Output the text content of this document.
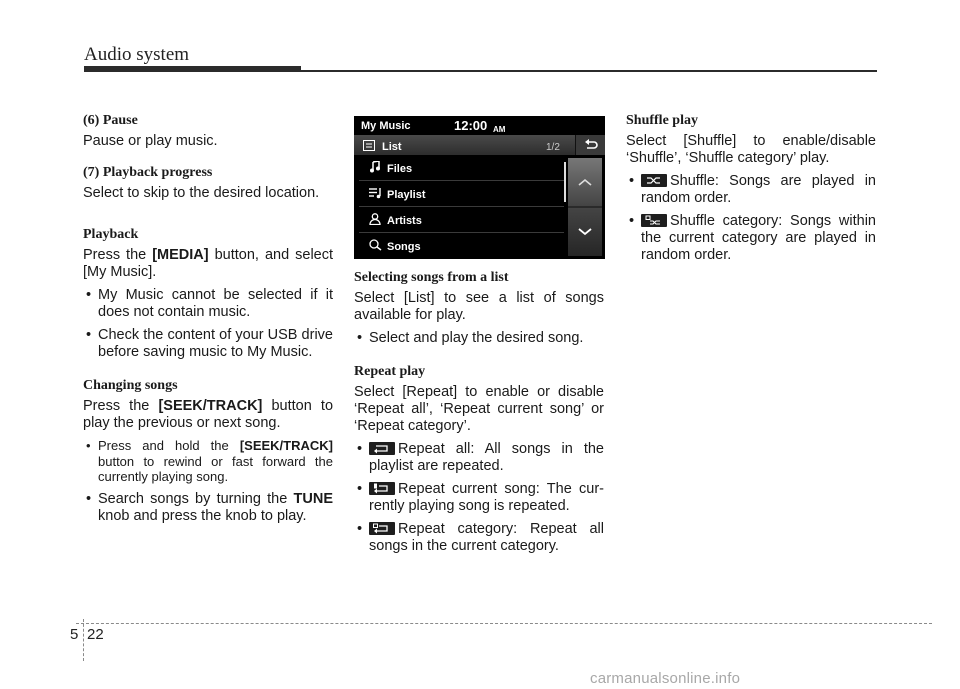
Audio system
(6) Pause
Pause or play music.
(7) Playback progress
Select to skip to the desired location.
Playback
Press the [MEDIA] button, and select [My Music].
• My Music cannot be selected if it does not contain music.
• Check the content of your USB drive before saving music to My Music.
Changing songs
Press the [SEEK/TRACK] button to play the previous or next song.
• Press and hold the [SEEK/TRACK] button to rewind or fast forward the currently playing song.
• Search songs by turning the TUNE knob and press the knob to play.
My Music	12:00 AM
List	1/2
Files
Playlist
Artists
Songs
Selecting songs from a list
Select [List] to see a list of songs available for play.
• Select and play the desired song.
Repeat play
Select [Repeat] to enable or disable ‘Repeat all’, ‘Repeat current song’ or ‘Repeat category’.
• Repeat all: All songs in the playlist are repeated.
• Repeat current song: The cur-rently playing song is repeated.
• Repeat category: Repeat all songs in the current category.
Shuffle play
Select [Shuffle] to enable/disable ‘Shuffle’, ‘Shuffle category’ play.
• Shuffle: Songs are played in random order.
• Shuffle category: Songs within the current category are played in random order.
5 22
carmanualsonline.info
